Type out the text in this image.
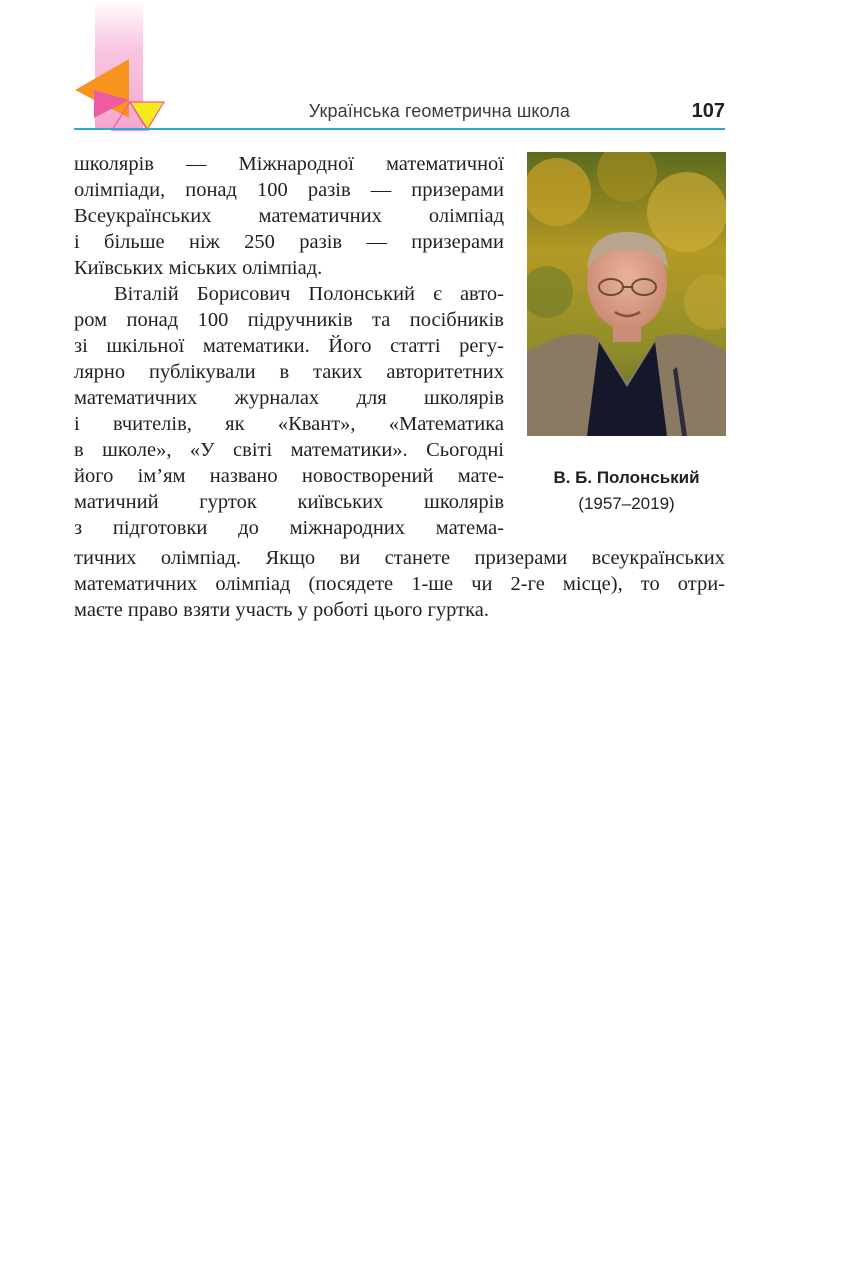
Українська геометрична школа	107
школярів — Міжнародної математичної
олімпіади, понад 100 разів — призерами
Всеукраїнських математичних олімпіад
і більше ніж 250 разів — призерами
Київських міських олімпіад.
Віталій Борисович Полонський є авто-
ром понад 100 підручників та посібників
зі шкільної математики. Його статті регу-
лярно публікували в таких авторитетних
математичних журналах для школярів
і вчителів, як «Квант», «Математика
в школе», «У світі математики». Сьогодні
його ім’ям названо новостворений мате-
матичний гурток київських школярів
з підготовки до міжнародних матема-
тичних олімпіад. Якщо ви станете призерами всеукраїнських
математичних олімпіад (посядете 1-ше чи 2-ге місце), то отри-
маєте право взяти участь у роботі цього гуртка.
В. Б. Полонський
(1957–2019)
